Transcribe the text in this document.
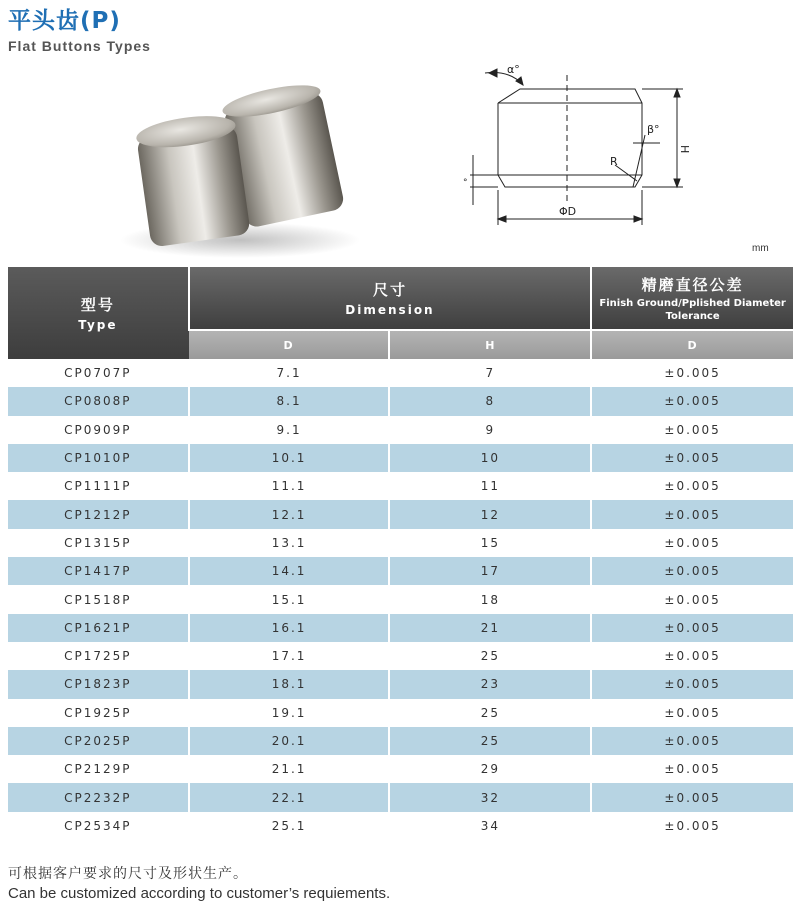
平头齿(P)
Flat Buttons Types
α°
β°
R
H
ΦD
°
mm
型号
Type	尺寸
Dimension		精磨直径公差
Finish Ground/Pplished Diameter Tolerance

	D	H	D
CP0707P	7.1	7	±0.005
CP0808P	8.1	8	±0.005
CP0909P	9.1	9	±0.005
CP1010P	10.1	10	±0.005
CP1111P	11.1	11	±0.005
CP1212P	12.1	12	±0.005
CP1315P	13.1	15	±0.005
CP1417P	14.1	17	±0.005
CP1518P	15.1	18	±0.005
CP1621P	16.1	21	±0.005
CP1725P	17.1	25	±0.005
CP1823P	18.1	23	±0.005
CP1925P	19.1	25	±0.005
CP2025P	20.1	25	±0.005
CP2129P	21.1	29	±0.005
CP2232P	22.1	32	±0.005
CP2534P	25.1	34	±0.005
可根据客户要求的尺寸及形状生产。
Can be customized according to customer’s requiements.
